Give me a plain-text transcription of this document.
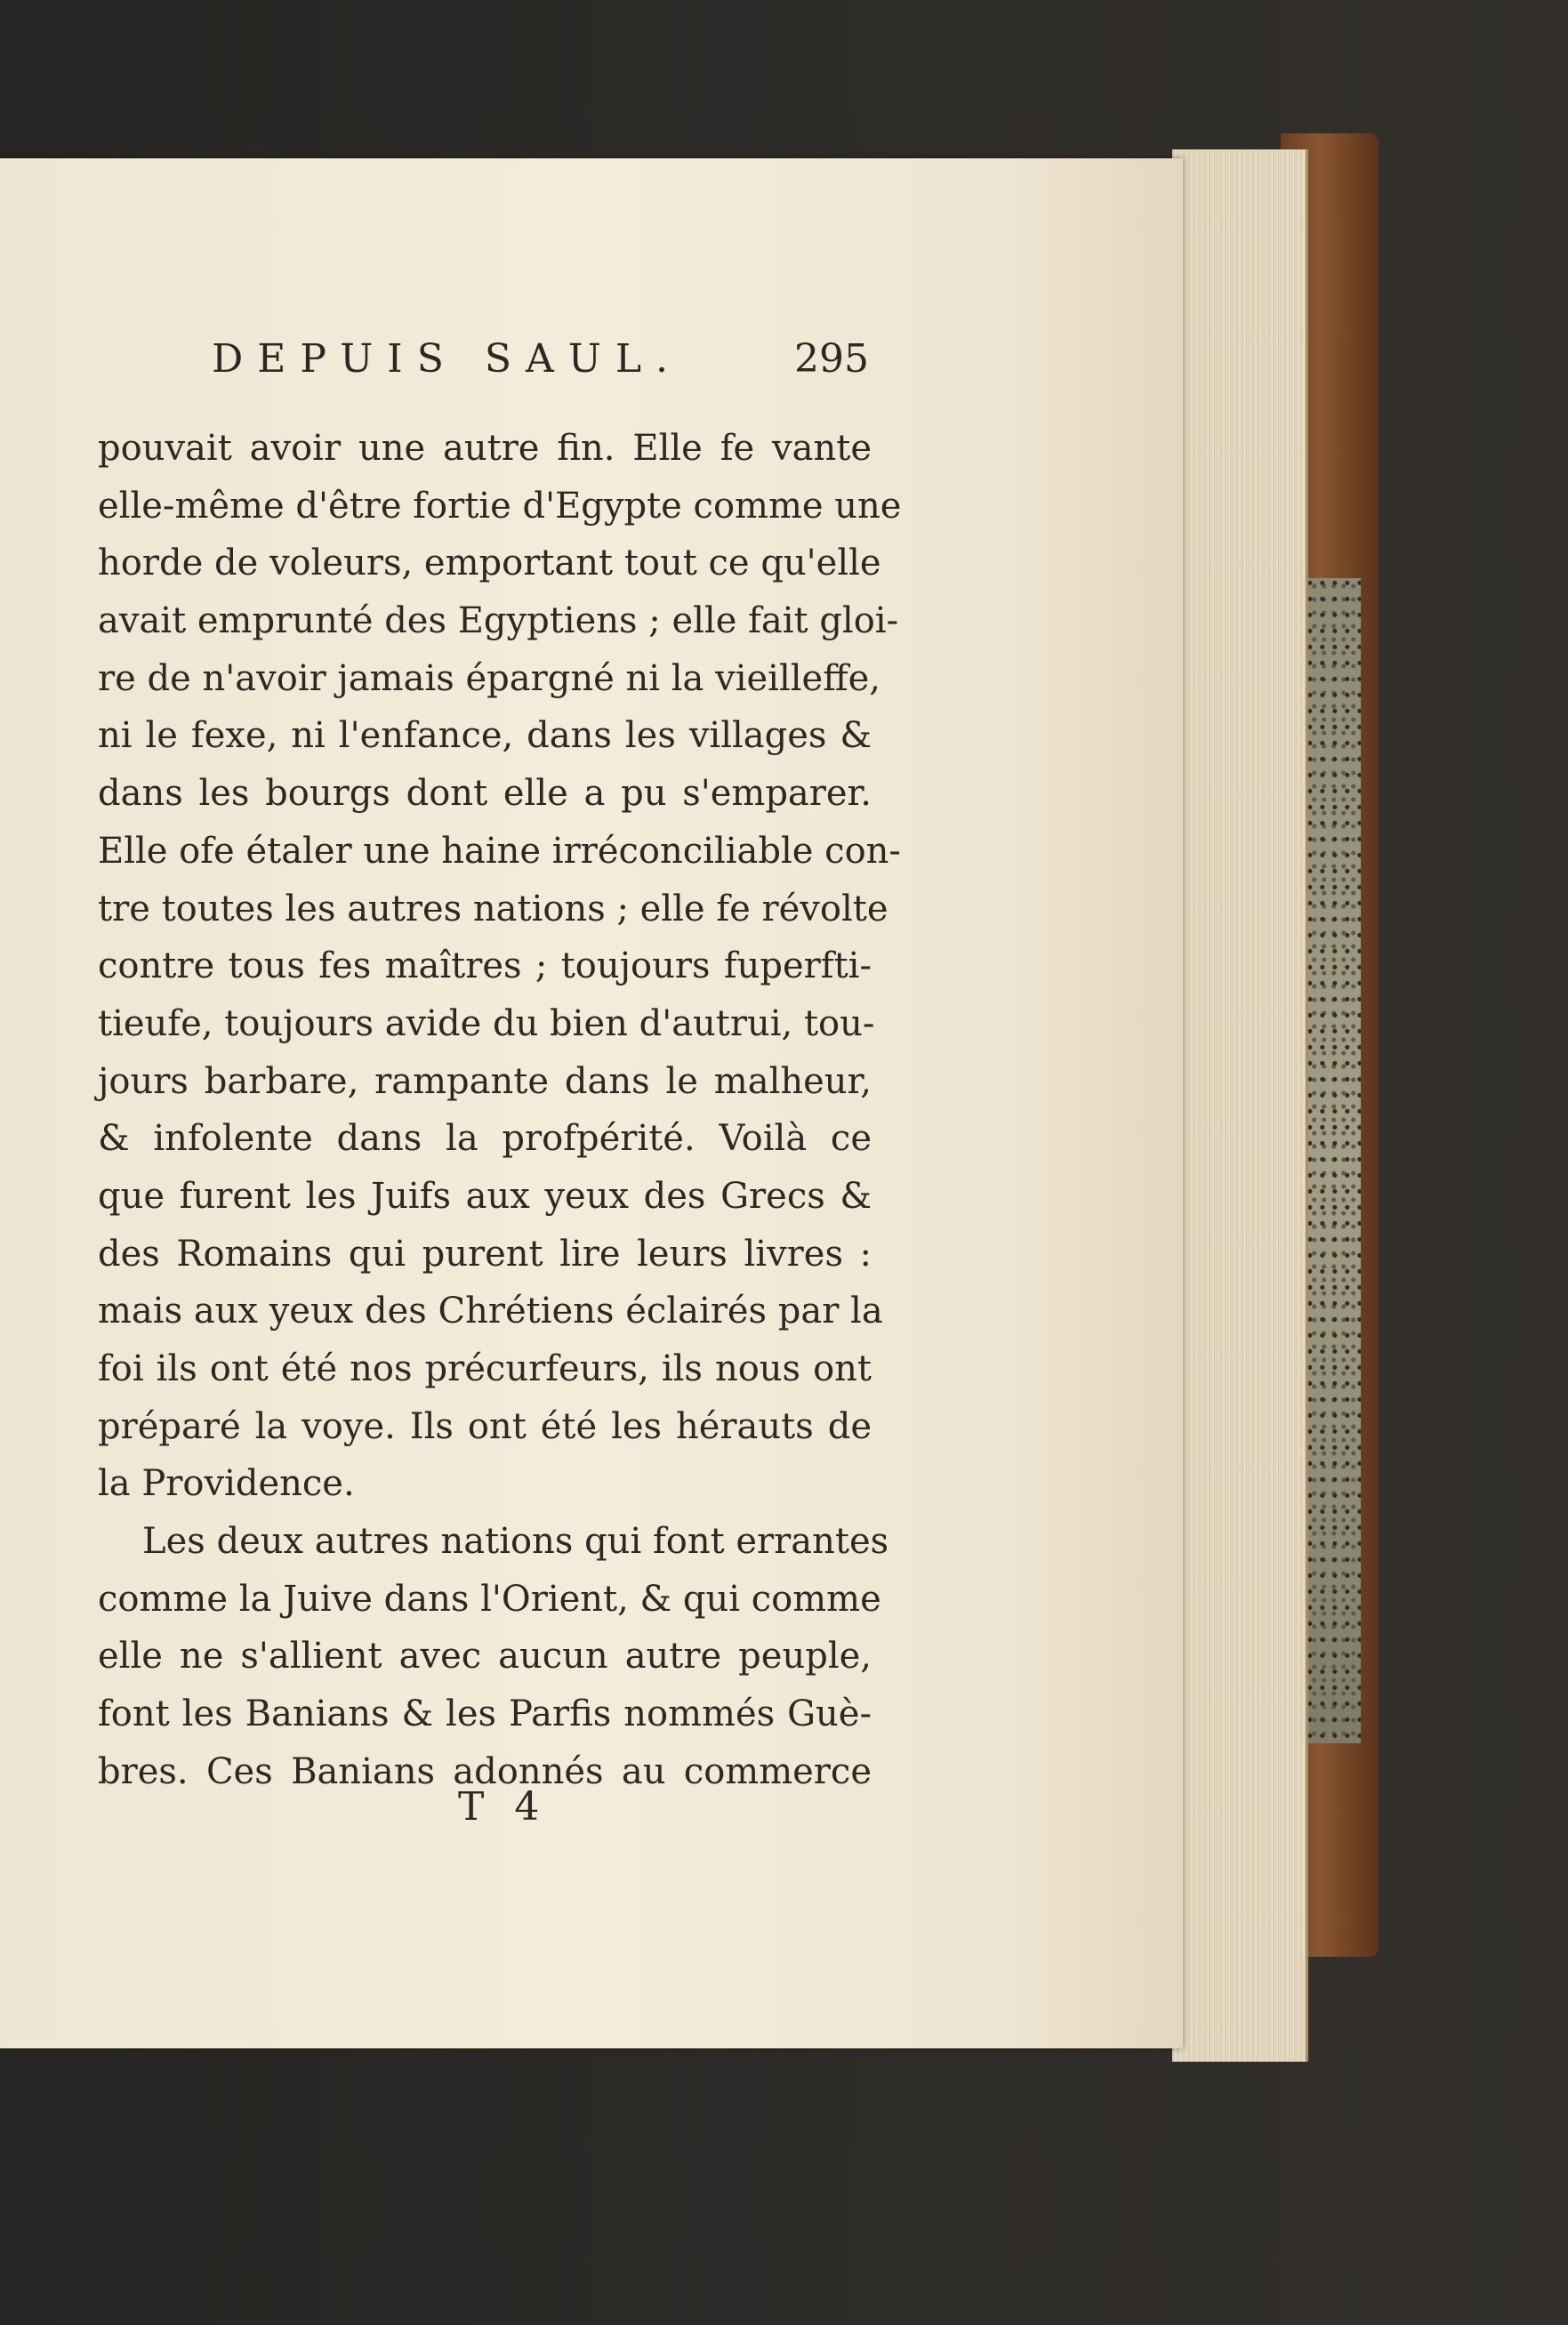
DEPUIS SAUL.	295
pouvait avoir une autre fin. Elle fe vante
elle-même d'être fortie d'Egypte comme une
horde de voleurs, emportant tout ce qu'elle
avait emprunté des Egyptiens ; elle fait gloi-
re de n'avoir jamais épargné ni la vieilleffe,
ni le fexe, ni l'enfance, dans les villages &
dans les bourgs dont elle a pu s'emparer.
Elle ofe étaler une haine irréconciliable con-
tre toutes les autres nations ; elle fe révolte
contre tous fes maîtres ; toujours fuperfti-
tieufe, toujours avide du bien d'autrui, tou-
jours barbare, rampante dans le malheur,
& infolente dans la profpérité. Voilà ce
que furent les Juifs aux yeux des Grecs &
des Romains qui purent lire leurs livres :
mais aux yeux des Chrétiens éclairés par la
foi ils ont été nos précurfeurs, ils nous ont
préparé la voye. Ils ont été les hérauts de
la Providence.
Les deux autres nations qui font errantes
comme la Juive dans l'Orient, & qui comme
elle ne s'allient avec aucun autre peuple,
font les Banians & les Parfis nommés Guè-
bres. Ces Banians adonnés au commerce
T 4
